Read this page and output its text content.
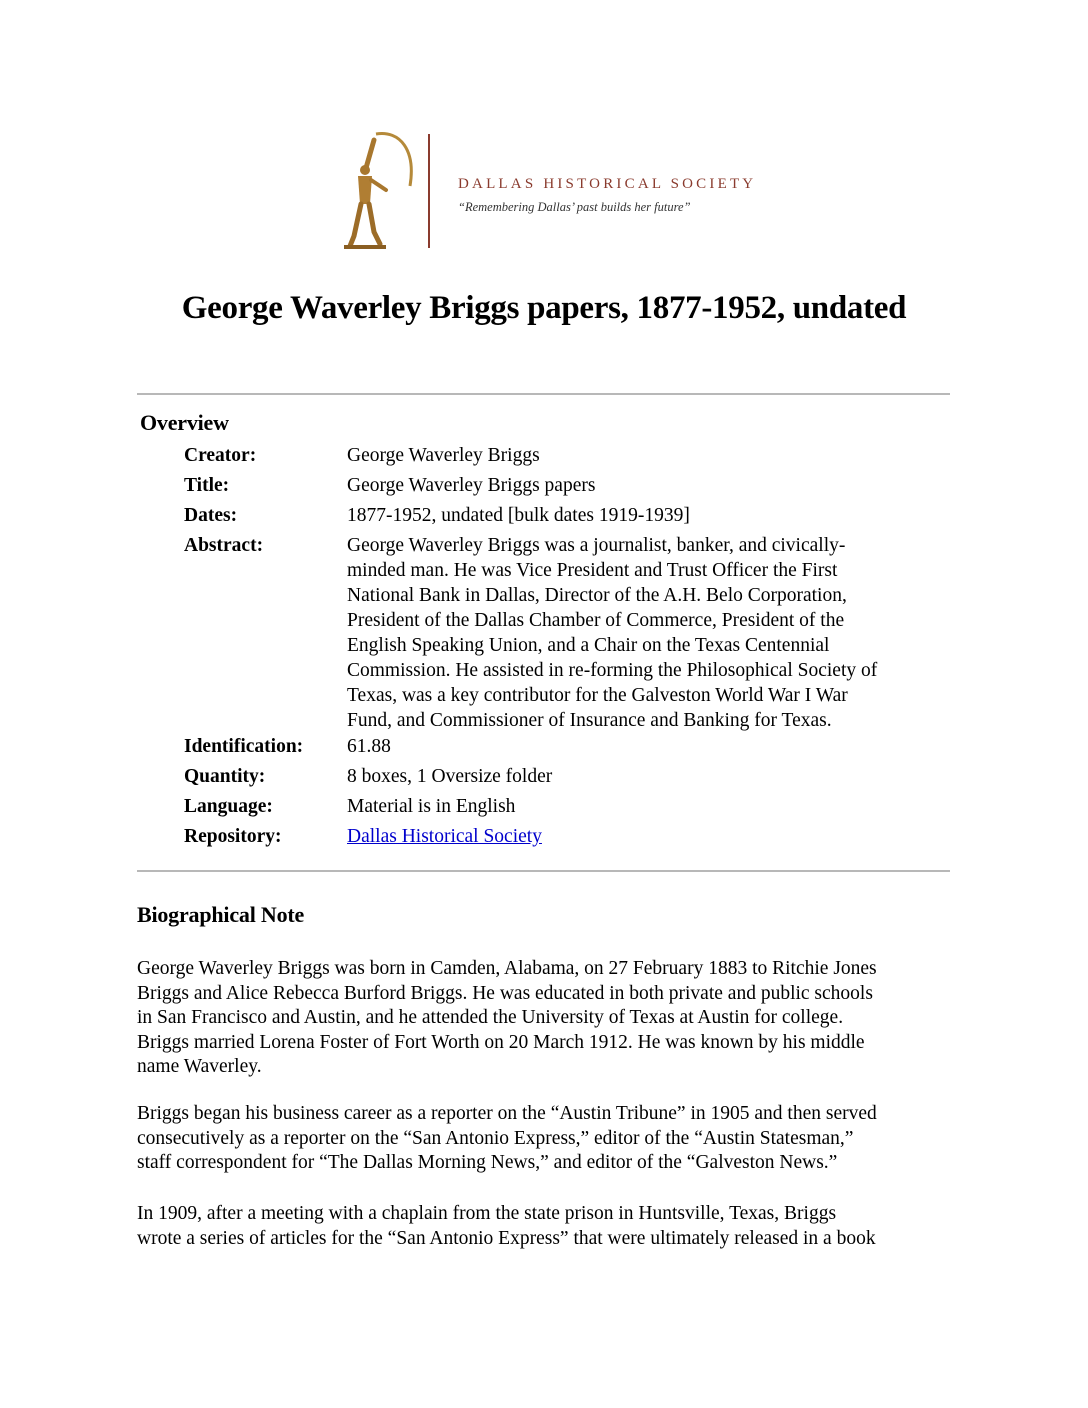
DALLAS HISTORICAL SOCIETY
“Remembering Dallas’ past builds her future”
George Waverley Briggs papers, 1877-1952, undated
Overview
Creator:	George Waverley Briggs
Title:	George Waverley Briggs papers
Dates:	1877-1952, undated [bulk dates 1919-1939]
Abstract:	George Waverley Briggs was a journalist, banker, and civically-
minded man. He was Vice President and Trust Officer the First
National Bank in Dallas, Director of the A.H. Belo Corporation,
President of the Dallas Chamber of Commerce, President of the
English Speaking Union, and a Chair on the Texas Centennial
Commission. He assisted in re-forming the Philosophical Society of
Texas, was a key contributor for the Galveston World War I War
Fund, and Commissioner of Insurance and Banking for Texas.
Identification: 61.88
Quantity:	8 boxes, 1 Oversize folder
Language:	Material is in English
Repository:	Dallas Historical Society
Biographical Note

George Waverley Briggs was born in Camden, Alabama, on 27 February 1883 to Ritchie Jones
Briggs and Alice Rebecca Burford Briggs. He was educated in both private and public schools
in San Francisco and Austin, and he attended the University of Texas at Austin for college.
Briggs married Lorena Foster of Fort Worth on 20 March 1912. He was known by his middle
name Waverley.

Briggs began his business career as a reporter on the “Austin Tribune” in 1905 and then served
consecutively as a reporter on the “San Antonio Express,” editor of the “Austin Statesman,”
staff correspondent for “The Dallas Morning News,” and editor of the “Galveston News.”

In 1909, after a meeting with a chaplain from the state prison in Huntsville, Texas, Briggs
wrote a series of articles for the “San Antonio Express” that were ultimately released in a book
